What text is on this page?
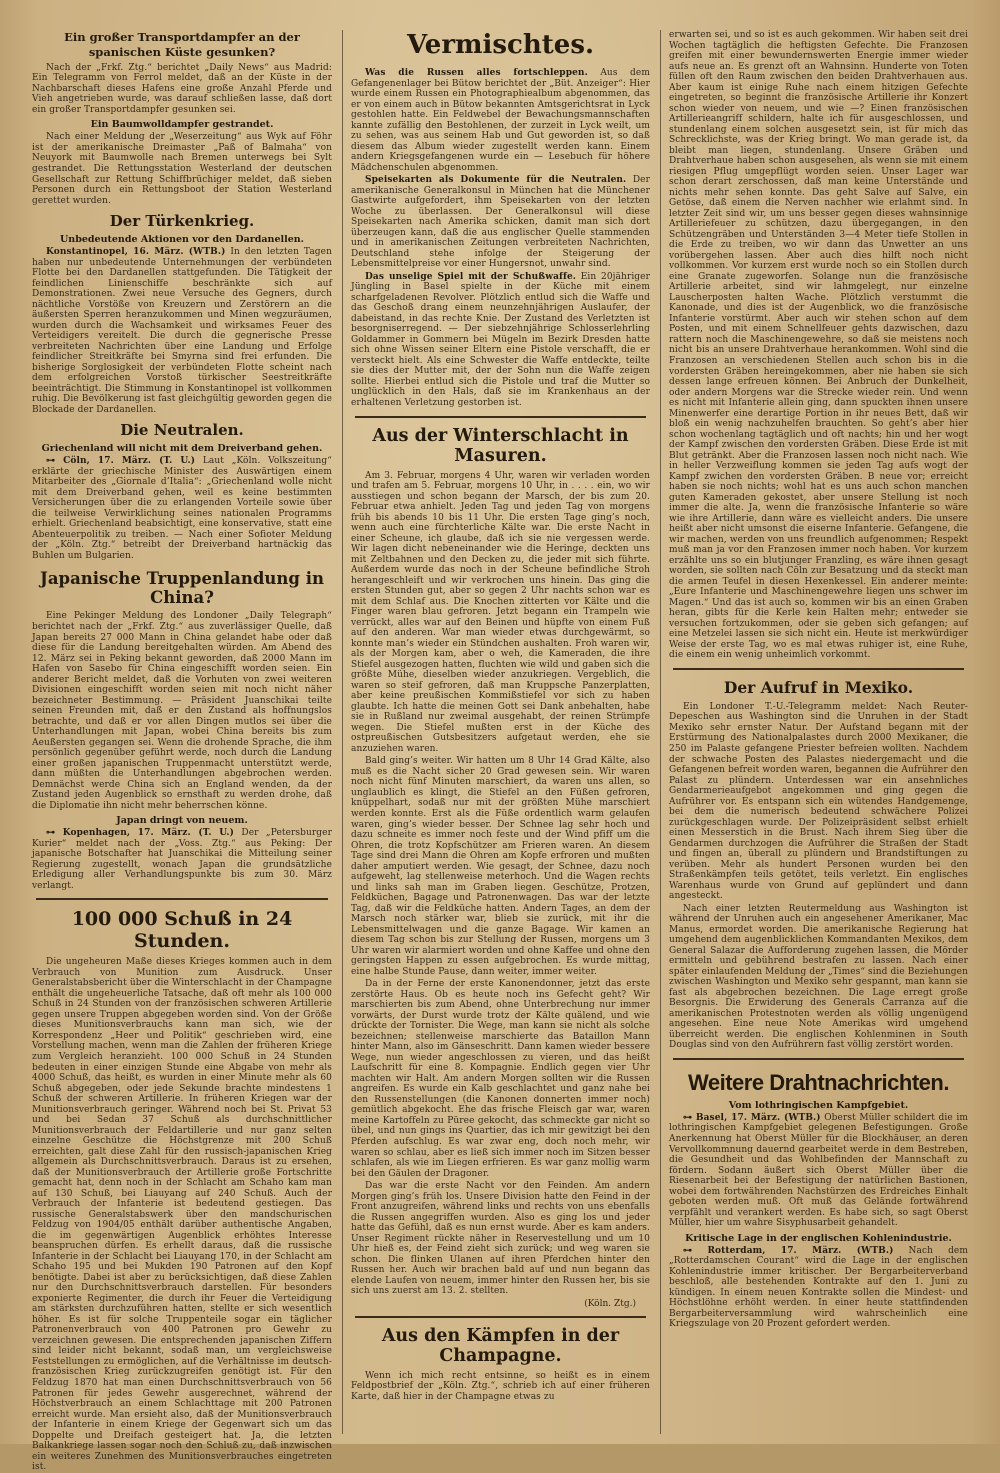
Ein großer Transportdampfer an der spanischen Küste gesunken?

Nach der „Frkf. Ztg.“ berichtet „Daily News“ aus Madrid: Ein Telegramm von Ferrol meldet, daß an der Küste in der Nachbarschaft dieses Hafens eine große Anzahl Pferde und Vieh angetrieben wurde, was darauf schließen lasse, daß dort ein großer Transportdampfer gesunken sei.

Ein Baumwolldampfer gestrandet.

Nach einer Meldung der „Weserzeitung“ aus Wyk auf Föhr ist der amerikanische Dreimaster „Paß of Balmaha“ von Neuyork mit Baumwolle nach Bremen unterwegs bei Sylt gestrandet. Die Rettungsstation Westerland der deutschen Gesellschaft zur Rettung Schiffbrüchiger meldet, daß sieben Personen durch ein Rettungsboot der Station Westerland gerettet wurden.

Der Türkenkrieg.
Unbedeutende Aktionen vor den Dardanellen.

Konstantinopel, 16. März. (WTB.) In den letzten Tagen haben nur unbedeutende Unternehmungen der verbündeten Flotte bei den Dardanellen stattgefunden. Die Tätigkeit der feindlichen Linienschiffe beschränkte sich auf Demonstrationen. Zwei neue Versuche des Gegners, durch nächtliche Vorstöße von Kreuzern und Zerstörern an die äußersten Sperren heranzukommen und Minen wegzuräumen, wurden durch die Wachsamkeit und wirksames Feuer des Verteidigers vereitelt. Die durch die gegnerische Presse verbreiteten Nachrichten über eine Landung und Erfolge feindlicher Streitkräfte bei Smyrna sind frei erfunden. Die bisherige Sorglosigkeit der verbündeten Flotte scheint nach dem erfolgreichen Vorstoß türkischer Seestreitkräfte beeinträchtigt. Die Stimmung in Konstantinopel ist vollkommen ruhig. Die Bevölkerung ist fast gleichgültig geworden gegen die Blockade der Dardanellen.

Die Neutralen.
Griechenland will nicht mit dem Dreiverband gehen.

⊶ Cöln, 17. März. (T. U.) Laut „Köln. Volkszeitung“ erklärte der griechische Minister des Auswärtigen einem Mitarbeiter des „Giornale d’Italia“: „Griechenland wolle nicht mit dem Dreiverband gehen, weil es keine bestimmten Versicherungen über die zu erlangenden Vorteile sowie über die teilweise Verwirklichung seines nationalen Programms erhielt. Griechenland beabsichtigt, eine konservative, statt eine Abenteuerpolitik zu treiben. — Nach einer Sofioter Meldung der „Köln. Ztg.“ betreibt der Dreiverband hartnäckig das Buhlen um Bulgarien.

Japanische Truppenlandung in China?

Eine Pekinger Meldung des Londoner „Daily Telegraph“ berichtet nach der „Frkf. Ztg.“ aus zuverlässiger Quelle, daß Japan bereits 27 000 Mann in China gelandet habe oder daß diese für die Landung bereitgehalten würden. Am Abend des 12. März sei in Peking bekannt geworden, daß 2000 Mann im Hafen von Sasebo für China eingeschifft worden seien. Ein anderer Bericht meldet, daß die Vorhuten von zwei weiteren Divisionen eingeschifft worden seien mit noch nicht näher bezeichneter Bestimmung. — Präsident Juanschikai teilte seinen Freunden mit, daß er den Zustand als hoffnungslos betrachte, und daß er vor allen Dingen mutlos sei über die Unterhandlungen mit Japan, wobei China bereits bis zum Aeußersten gegangen sei. Wenn die drohende Sprache, die ihm persönlich gegenüber geführt werde, noch durch die Landung einer großen japanischen Truppenmacht unterstützt werde, dann müßten die Unterhandlungen abgebrochen werden. Demnächst werde China sich an England wenden, da der Zustand jeden Augenblick so ernsthaft zu werden drohe, daß die Diplomatie ihn nicht mehr beherrschen könne.

Japan dringt von neuem.

⊶ Kopenhagen, 17. März. (T. U.) Der „Petersburger Kurier“ meldet nach der „Voss. Ztg.“ aus Peking: Der japanische Botschafter hat Juanschikai die Mitteilung seiner Regierung zugestellt, wonach Japan die grundsätzliche Erledigung aller Verhandlungspunkte bis zum 30. März verlangt.

100 000 Schuß in 24 Stunden.

Die ungeheuren Maße dieses Krieges kommen auch in dem Verbrauch von Munition zum Ausdruck. Unser Generalstabsbericht über die Winterschlacht in der Champagne enthält die ungeheuerliche Tatsache, daß oft mehr als 100 000 Schuß in 24 Stunden von der französischen schweren Artillerie gegen unsere Truppen abgegeben worden sind. Von der Größe dieses Munitionsverbrauchs kann man sich, wie der Korrespondenz „Heer und Politik“ geschrieben wird, eine Vorstellung machen, wenn man die Zahlen der früheren Kriege zum Vergleich heranzieht. 100 000 Schuß in 24 Stunden bedeuten in einer einzigen Stunde eine Abgabe von mehr als 4000 Schuß, das heißt, es wurden in einer Minute mehr als 60 Schuß abgegeben, oder jede Sekunde brachte mindestens 1 Schuß der schweren Artillerie. In früheren Kriegen war der Munitionsverbrauch geringer. Während noch bei St. Privat 53 und bei Sedan 37 Schuß als durchschnittlicher Munitionsverbrauch der Feldartillerie und nur ganz selten einzelne Geschütze die Höchstgrenze mit 200 Schuß erreichten, galt diese Zahl für den russisch-japanischen Krieg allgemein als Durchschnittsverbrauch. Daraus ist zu ersehen, daß der Munitionsverbrauch der Artillerie große Fortschritte gemacht hat, denn noch in der Schlacht am Schaho kam man auf 130 Schuß, bei Liauyang auf 240 Schuß. Auch der Verbrauch der Infanterie ist bedeutend gestiegen. Das russische Generalstabswerk über den mandschurischen Feldzug von 1904/05 enthält darüber authentische Angaben, die im gegenwärtigen Augenblick erhöhtes Interesse beanspruchen dürfen. Es erhellt daraus, daß die russische Infanterie in der Schlacht bei Liauyang 170, in der Schlacht am Schaho 195 und bei Mukden 190 Patronen auf den Kopf benötigte. Dabei ist aber zu berücksichtigen, daß diese Zahlen nur den Durchschnittsverbrauch darstellen. Für besonders exponierte Regimenter, die durch ihr Feuer die Verteidigung am stärksten durchzuführen hatten, stellte er sich wesentlich höher. Es ist für solche Truppenteile sogar ein täglicher Patronenverbrauch von 400 Patronen pro Gewehr zu verzeichnen gewesen. Die entsprechenden japanischen Ziffern sind leider nicht bekannt, sodaß man, um vergleichsweise Feststellungen zu ermöglichen, auf die Verhältnisse im deutsch-französischen Krieg zurückzugreifen genötigt ist. Für den Feldzug 1870 hat man einen Durchschnittsverbrauch von 56 Patronen für jedes Gewehr ausgerechnet, während der Höchstverbrauch an einem Schlachttage mit 200 Patronen erreicht wurde. Man ersieht also, daß der Munitionsverbrauch der Infanterie in einem Kriege der Gegenwart sich um das Doppelte und Dreifach gesteigert hat. Ja, die letzten Balkankriege lassen sogar noch den Schluß zu, daß inzwischen ein weiteres Zunehmen des Munitionsverbrauches eingetreten ist.

Vermischtes.

Was die Russen alles fortschleppen. Aus dem Gefangenenlager bei Bütow berichtet der „Büt. Anzeiger“: Hier wurde einem Russen ein Photographiealbum abgenommen, das er von einem auch in Bütow bekannten Amtsgerichtsrat in Lyck gestohlen hatte. Ein Feldwebel der Bewachungsmannschaften kannte zufällig den Bestohlenen, der zurzeit in Lyck weilt, um zu sehen, was aus seinem Hab und Gut geworden ist, so daß diesem das Album wieder zugestellt werden kann. Einem andern Kriegsgefangenen wurde ein — Lesebuch für höhere Mädchenschulen abgenommen.

Speisekarten als Dokumente für die Neutralen. Der amerikanische Generalkonsul in München hat die Münchener Gastwirte aufgefordert, ihm Speisekarten von der letzten Woche zu überlassen. Der Generalkonsul will diese Speisekarten nach Amerika schicken, damit man sich dort überzeugen kann, daß die aus englischer Quelle stammenden und in amerikanischen Zeitungen verbreiteten Nachrichten, Deutschland stehe infolge der Steigerung der Lebensmittelpreise vor einer Hungersnot, unwahr sind.

Das unselige Spiel mit der Schußwaffe. Ein 20jähriger Jüngling in Basel spielte in der Küche mit einem scharfgeladenen Revolver. Plötzlich entlud sich die Waffe und das Geschoß drang einem neunzehnjährigen Auslaufer, der dabeistand, in das rechte Knie. Der Zustand des Verletzten ist besorgniserregend. — Der siebzehnjährige Schlosserlehrling Goldammer in Gommern bei Mügeln im Bezirk Dresden hatte sich ohne Wissen seiner Eltern eine Pistole verschafft, die er versteckt hielt. Als eine Schwester die Waffe entdeckte, teilte sie dies der Mutter mit, der der Sohn nun die Waffe zeigen sollte. Hierbei entlud sich die Pistole und traf die Mutter so unglücklich in den Hals, daß sie im Krankenhaus an der erhaltenen Verletzung gestorben ist.

Aus der Winterschlacht in Masuren.

Am 3. Februar, morgens 4 Uhr, waren wir verladen worden und trafen am 5. Februar, morgens 10 Uhr, in . . . . ein, wo wir ausstiegen und schon begann der Marsch, der bis zum 20. Februar etwa anhielt. Jeden Tag und jeden Tag von morgens früh bis abends 10 bis 11 Uhr. Die ersten Tage ging’s noch, wenn auch eine fürchterliche Kälte war. Die erste Nacht in einer Scheune, ich glaube, daß ich sie nie vergessen werde. Wir lagen dicht nebeneinander wie die Heringe, deckten uns mit Zeltbahnen und den Decken zu, die jeder mit sich führte. Außerdem wurde das noch in der Scheune befindliche Stroh herangeschleift und wir verkrochen uns hinein. Das ging die ersten Stunden gut, aber so gegen 2 Uhr nachts schon war es mit dem Schlaf aus. Die Knochen zitterten vor Kälte und die Finger waren blau gefroren. Jetzt begann ein Trampeln wie verrückt, alles war auf den Beinen und hüpfte von einem Fuß auf den anderen. War man wieder etwas durchgewärmt, so konnte man’s wieder ein Stündchen aushalten. Froh waren wir, als der Morgen kam, aber o weh, die Kameraden, die ihre Stiefel ausgezogen hatten, fluchten wie wild und gaben sich die größte Mühe, dieselben wieder anzukriegen. Vergeblich, die waren so steif gefroren, daß man Kruppsche Panzerplatten, aber keine preußischen Kommißstiefel vor sich zu haben glaubte. Ich hatte die meinen Gott sei Dank anbehalten, habe sie in Rußland nur zweimal ausgehabt, der reinen Strümpfe wegen. Die Stiefel mußten erst in der Küche des ostpreußischen Gutsbesitzers aufgetaut werden, ehe sie anzuziehen waren.

Bald ging’s weiter. Wir hatten um 8 Uhr 14 Grad Kälte, also muß es die Nacht sicher 20 Grad gewesen sein. Wir waren noch nicht fünf Minuten marschiert, da waren uns allen, so unglaublich es klingt, die Stiefel an den Füßen gefroren, knüppelhart, sodaß nur mit der größten Mühe marschiert werden konnte. Erst als die Füße ordentlich warm gelaufen waren, ging’s wieder besser. Der Schnee lag sehr hoch und dazu schneite es immer noch feste und der Wind pfiff um die Ohren, die trotz Kopfschützer am Frieren waren. An diesem Tage sind drei Mann die Ohren am Kopfe erfroren und mußten daher amputiert werden. Wie gesagt, der Schnee, dazu noch aufgeweht, lag stellenweise meterhoch. Und die Wagen rechts und links sah man im Graben liegen. Geschütze, Protzen, Feldküchen, Bagage und Patronenwagen. Das war der letzte Tag, daß wir die Feldküche hatten. Andern Tages, an dem der Marsch noch stärker war, blieb sie zurück, mit ihr die Lebensmittelwagen und die ganze Bagage. Wir kamen an diesem Tag schon bis zur Stellung der Russen, morgens um 3 Uhr waren wir alarmiert worden und ohne Kaffee und ohne den geringsten Happen zu essen aufgebrochen. Es wurde mittag, eine halbe Stunde Pause, dann weiter, immer weiter.

Da in der Ferne der erste Kanonendonner, jetzt das erste zerstörte Haus. Ob es heute noch ins Gefecht geht? Wir marschierten bis zum Abend, ohne Unterbrechung nur immer vorwärts, der Durst wurde trotz der Kälte quälend, und wie drückte der Tornister. Die Wege, man kann sie nicht als solche bezeichnen; stellenweise marschierte das Bataillon Mann hinter Mann, also im Gänseschritt. Dann kamen wieder bessere Wege, nun wieder angeschlossen zu vieren, und das heißt Laufschritt für eine 8. Kompagnie. Endlich gegen vier Uhr machten wir Halt. Am andern Morgen sollten wir die Russen angreifen. Es wurde ein Kalb geschlachtet und ganz nahe bei den Russenstellungen (die Kanonen donnerten immer noch) gemütlich abgekocht. Ehe das frische Fleisch gar war, waren meine Kartoffeln zu Püree gekocht, das schmeckte gar nicht so übel, und nun gings ins Quartier, das ich mir gewitzigt bei den Pferden aufschlug. Es war zwar eng, doch noch mehr, wir waren so schlau, aber es ließ sich immer noch im Sitzen besser schlafen, als wie im Liegen erfrieren. Es war ganz mollig warm bei den Gäulen der Dragoner.

Das war die erste Nacht vor den Feinden. Am andern Morgen ging’s früh los. Unsere Division hatte den Feind in der Front anzugreifen, während links und rechts von uns ebenfalls die Russen angegriffen wurden. Also es ging los und jeder hatte das Gefühl, daß es nun ernst wurde. Aber es kam anders. Unser Regiment rückte näher in Reservestellung und um 10 Uhr hieß es, der Feind zieht sich zurück; und weg waren sie schon. Die flinken Ulanen auf ihren Pferdchen hinter den Russen her. Auch wir brachen bald auf und nun begann das elende Laufen von neuem, immer hinter den Russen her, bis sie sich uns zuerst am 13. 2. stellten.

(Köln. Ztg.)
Aus den Kämpfen in der Champagne.

Wenn ich mich recht entsinne, so heißt es in einem Feldpostbrief der „Köln. Ztg.“, schrieb ich auf einer früheren Karte, daß hier in der Champagne etwas zu

erwarten sei, und so ist es auch gekommen. Wir haben seit drei Wochen tagtäglich die heftigsten Gefechte. Die Franzosen greifen mit einer bewundernswerten Energie immer wieder aufs neue an. Es grenzt oft an Wahnsinn. Hunderte von Toten füllen oft den Raum zwischen den beiden Drahtverhauen aus. Aber kaum ist einige Ruhe nach einem hitzigen Gefechte eingetreten, so beginnt die französische Artillerie ihr Konzert schon wieder von neuem, und wie —? Einen französischen Artillerieangriff schildern, halte ich für ausgeschlossen, und stundenlang einem solchen ausgesetzt sein, ist für mich das Schrecklichste, was der Krieg bringt. Wo man gerade ist, da bleibt man liegen, stundenlang. Unsere Gräben und Drahtverhaue haben schon ausgesehen, als wenn sie mit einem riesigen Pflug umgepflügt worden seien. Unser Lager war schon derart zerschossen, daß man keine Unterstände und nichts mehr sehen konnte. Das geht Salve auf Salve, ein Getöse, daß einem die Nerven nachher wie erlahmt sind. In letzter Zeit sind wir, um uns besser gegen dieses wahnsinnige Artilleriefeuer zu schützen, dazu übergegangen, in den Schützengräben und Unterständen 3—4 Meter tiefe Stollen in die Erde zu treiben, wo wir dann das Unwetter an uns vorübergehen lassen. Aber auch dies hilft noch nicht vollkommen. Vor kurzem erst wurde noch so ein Stollen durch eine Granate zugeworfen. Solange nun die französische Artillerie arbeitet, sind wir lahmgelegt, nur einzelne Lauscherposten halten Wache. Plötzlich verstummt die Kanonade, und dies ist der Augenblick, wo die französische Infanterie vorstürmt. Aber auch wir stehen schon auf dem Posten, und mit einem Schnellfeuer gehts dazwischen, dazu rattern noch die Maschinengewehre, so daß sie meistens noch nicht bis an unsere Drahtverhaue herankommen. Wohl sind die Franzosen an verschiedenen Stellen auch schon bis in die vordersten Gräben hereingekommen, aber nie haben sie sich dessen lange erfreuen können. Bei Anbruch der Dunkelheit, oder andern Morgens war die Strecke wieder rein. Und wenn es nicht mit Infanterie allein ging, dann spuckten ihnen unsere Minenwerfer eine derartige Portion in ihr neues Bett, daß wir bloß ein wenig nachzuhelfen brauchten. So geht’s aber hier schon wochenlang tagtäglich und oft nachts; hin und her wogt der Kampf zwischen den vordersten Gräben. Diese Erde ist mit Blut getränkt. Aber die Franzosen lassen noch nicht nach. Wie in heller Verzweiflung kommen sie jeden Tag aufs wogt der Kampf zwichen den vordersten Gräben. B neue vor; erreicht haben sie noch nichts; wohl hat es uns auch schon manchen guten Kameraden gekostet, aber unsere Stellung ist noch immer die alte. Ja, wenn die französische Infanterie so wäre wie ihre Artillerie, dann wäre es vielleicht anders. Die unsere heißt aber nicht umsonst die eiserne Infanterie. Gefangene, die wir machen, werden von uns freundlich aufgenommen; Respekt muß man ja vor den Franzosen immer noch haben. Vor kurzem erzählte uns so ein blutjunger Franzling, es wäre ihnen gesagt worden, sie sollten nach Cöln zur Besatzung und da steckt man die armen Teufel in diesen Hexenkessel. Ein anderer meinte: „Eure Infanterie und Maschinengewehre liegen uns schwer im Magen.“ Und das ist auch so, kommen wir bis an einen Graben heran, gibts für die Kerle kein Halten mehr; entweder sie versuchen fortzukommen, oder sie geben sich gefangen; auf eine Metzelei lassen sie sich nicht ein. Heute ist merkwürdiger Weise der erste Tag, wo es mal etwas ruhiger ist, eine Ruhe, die einem ein wenig unheimlich vorkommt.

Der Aufruf in Mexiko.

Ein Londoner T.-U.-Telegramm meldet: Nach Reuter-Depeschen aus Washington sind die Unruhen in der Stadt Mexiko sehr ernster Natur. Der Aufstand begann mit der Erstürmung des Nationalpalastes durch 2000 Mexikaner, die 250 im Palaste gefangene Priester befreien wollten. Nachdem der schwache Posten des Palastes niedergemacht und die Gefangenen befreit worden waren, begannen die Aufrührer den Palast zu plündern. Unterdessen war ein ansehnliches Gendarmerieaufgebot angekommen und ging gegen die Aufrührer vor. Es entspann sich ein wütendes Handgemenge, bei dem die numerisch bedeutend schwächere Polizei zurückgeschlagen wurde. Der Polizeipräsident selbst erhielt einen Messerstich in die Brust. Nach ihrem Sieg über die Gendarmen durchzogen die Aufrührer die Straßen der Stadt und fingen an, überall zu plündern und Brandstiftungen zu verüben. Mehr als hundert Personen wurden bei den Straßenkämpfen teils getötet, teils verletzt. Ein englisches Warenhaus wurde von Grund auf geplündert und dann angesteckt.

Nach einer letzten Reutermeldung aus Washington ist während der Unruhen auch ein angesehener Amerikaner, Mac Manus, ermordet worden. Die amerikanische Regierung hat umgehend dem augenblicklichen Kommandanten Mexikos, dem General Salazar die Aufforderung zugehen lassen, die Mörder ermitteln und gebührend bestrafen zu lassen. Nach einer später einlaufenden Meldung der „Times“ sind die Beziehungen zwischen Washington und Mexiko sehr gespannt, man kann sie fast als abgebrochen bezeichnen. Die Lage erregt große Besorgnis. Die Erwiderung des Generals Carranza auf die amerikanischen Protestnoten werden als völlig ungenügend angesehen. Eine neue Note Amerikas wird umgehend überreicht werden. Die englischen Kohlenminen in South Douglas sind von den Aufrührern fast völlig zerstört worden.

Weitere Drahtnachrichten.
Vom lothringischen Kampfgebiet.

⊶ Basel, 17. März. (WTB.) Oberst Müller schildert die im lothringischen Kampfgebiet gelegenen Befestigungen. Große Anerkennung hat Oberst Müller für die Blockhäuser, an deren Vervollkommnung dauernd gearbeitet werde in dem Bestreben, die Gesundheit und das Wohlbefinden der Mannschaft zu fördern. Sodann äußert sich Oberst Müller über die Riesenarbeit bei der Befestigung der natürlichen Bastionen, wobei dem fortwährenden Nachstürzen des Erdreiches Einhalt geboten werden muß. Oft muß das Gelände fortwährend verpfählt und verankert werden. Es habe sich, so sagt Oberst Müller, hier um wahre Sisyphusarbeit gehandelt.

Kritische Lage in der englischen Kohlenindustrie.

⊶ Rotterdam, 17. März. (WTB.) Nach dem „Rotterdamschen Courant“ wird die Lage in der englischen Kohlenindustrie immer kritischer. Der Bergarbeiterverband beschloß, alle bestehenden Kontrakte auf den 1. Juni zu kündigen. In einem neuen Kontrakte sollen die Mindest- und Höchstlöhne erhöht werden. In einer heute stattfindenden Bergarbeiterversammlung wird wahrscheinlich eine Kriegszulage von 20 Prozent gefordert werden.
